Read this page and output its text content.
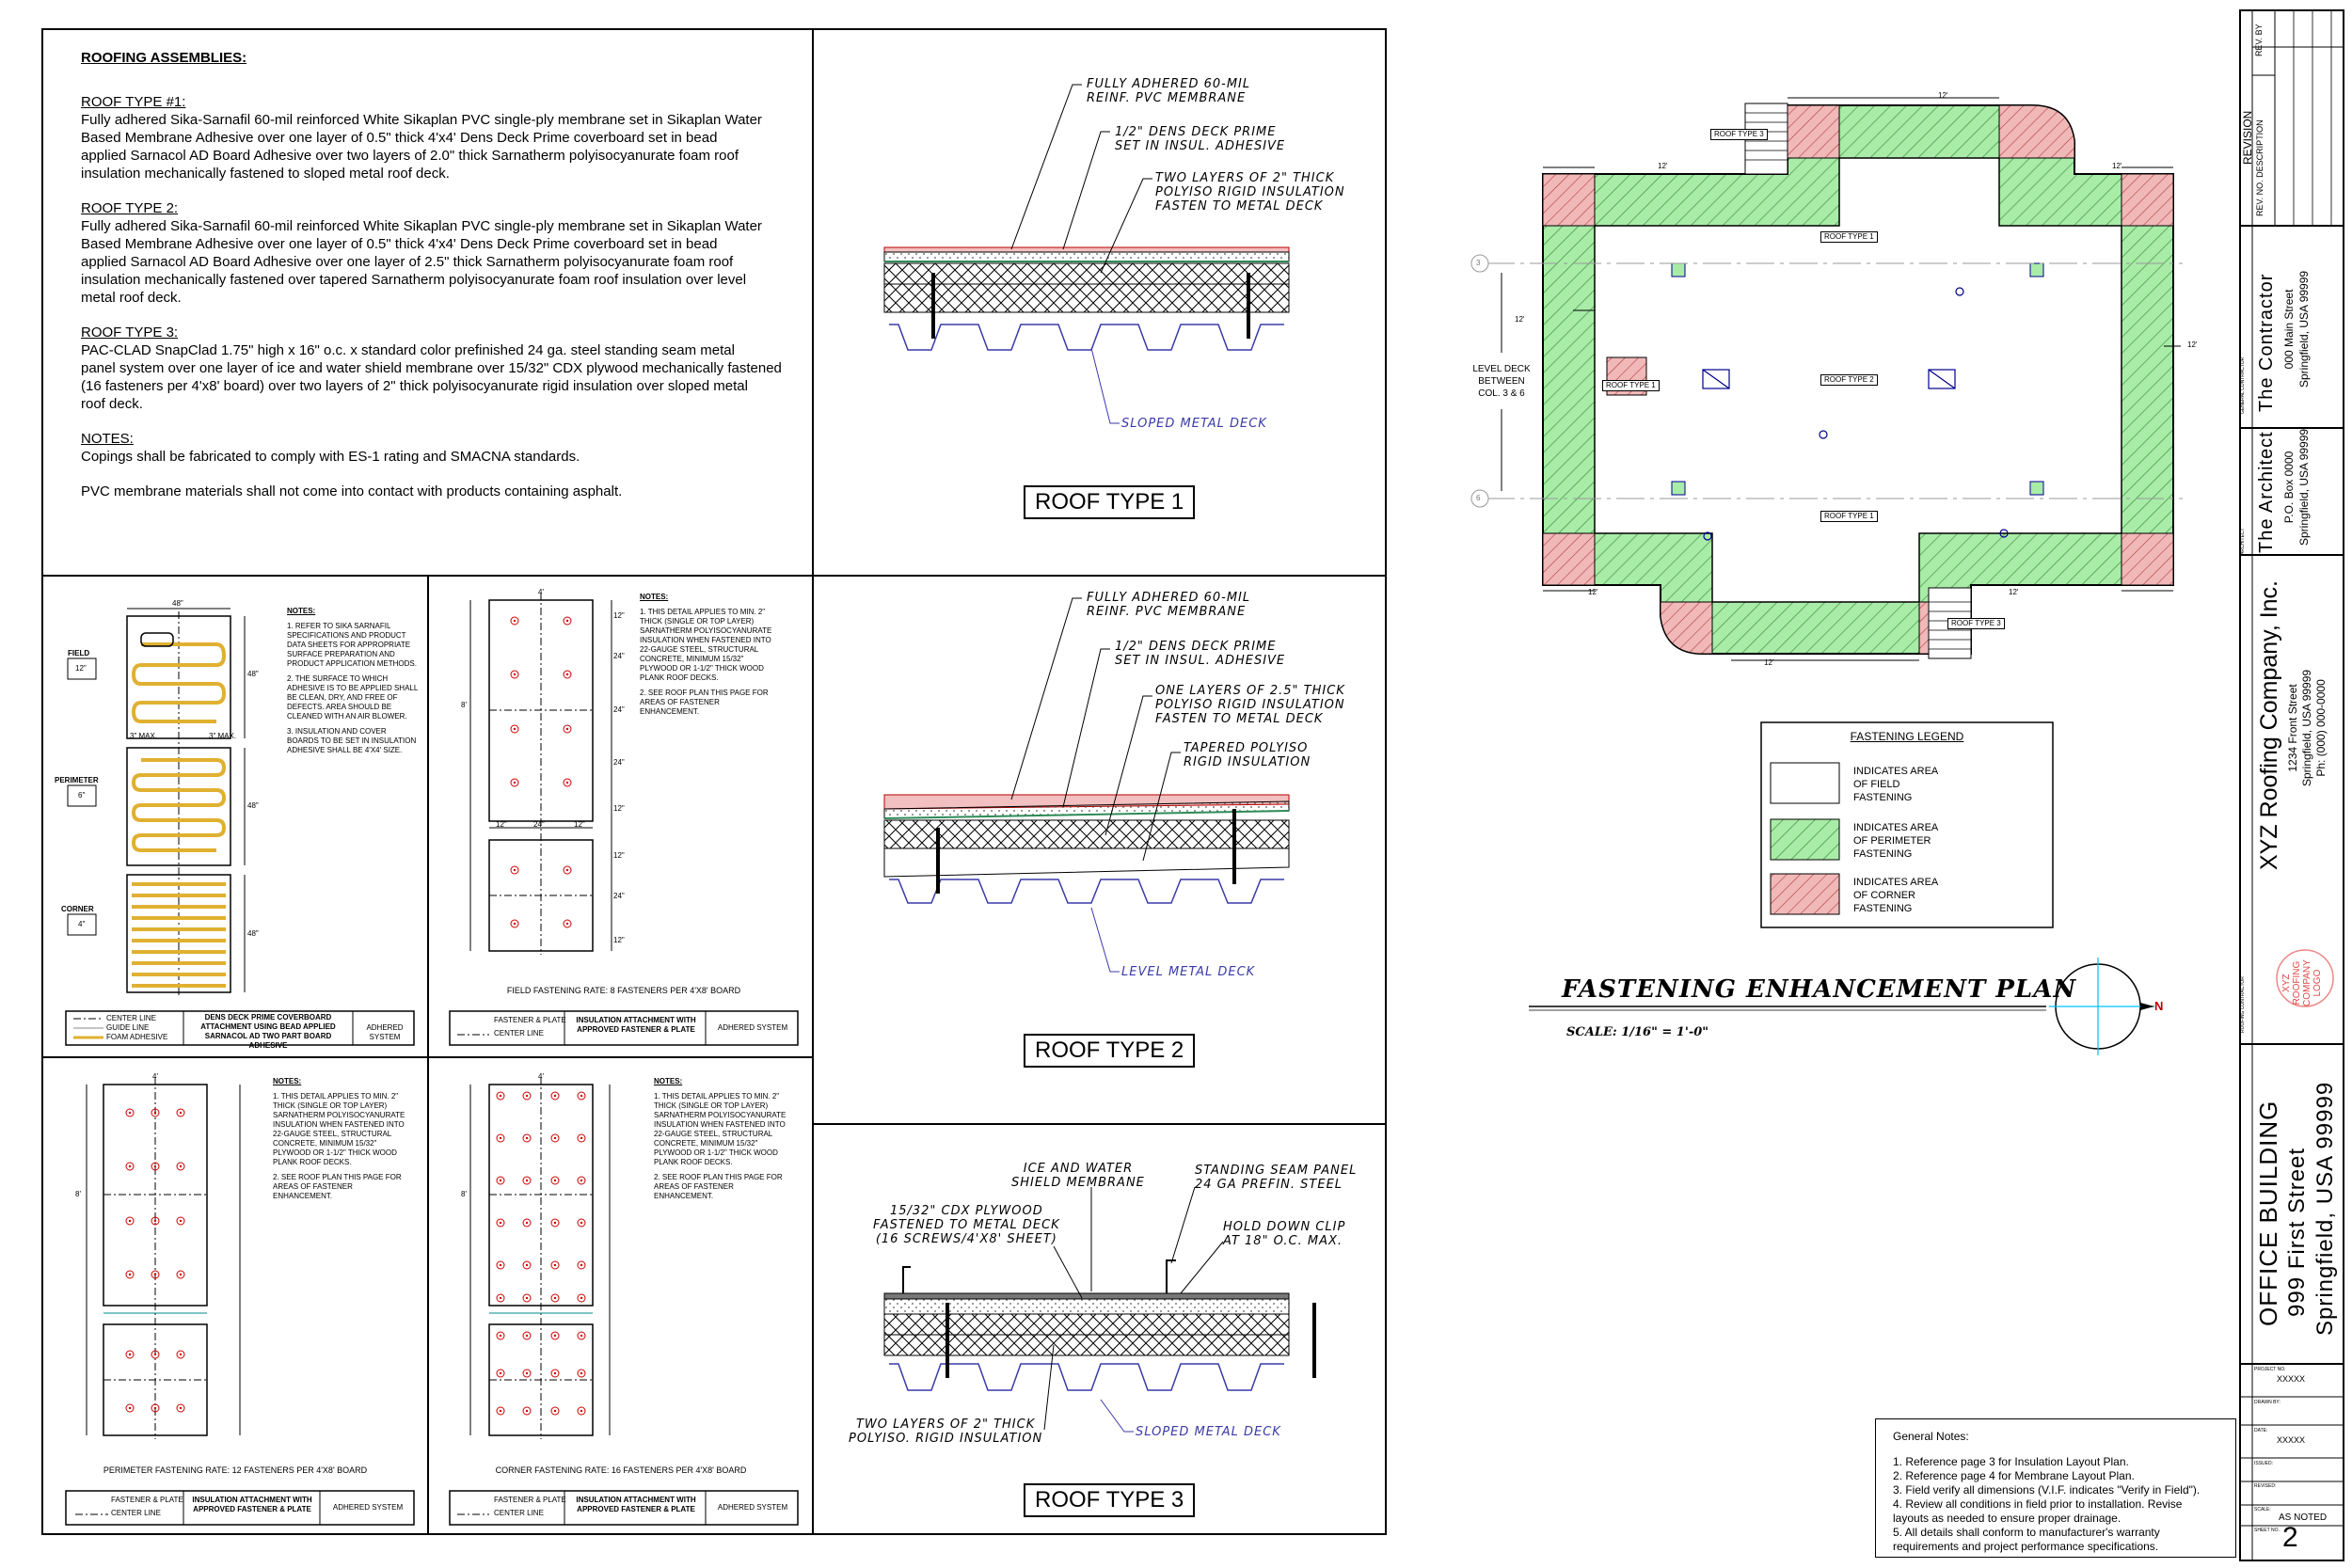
ROOFING ASSEMBLIES:
ROOF TYPE #1:
Fully adhered Sika-Sarnafil 60-mil reinforced White Sikaplan PVC single-ply membrane set in Sikaplan Water
Based Membrane Adhesive over one layer of 0.5" thick 4'x4' Dens Deck Prime coverboard set in bead
applied Sarnacol AD Board Adhesive over two layers of 2.0" thick Sarnatherm polyisocyanurate foam roof
insulation mechanically fastened to sloped metal roof deck.
ROOF TYPE 2:
Fully adhered Sika-Sarnafil 60-mil reinforced White Sikaplan PVC single-ply membrane set in Sikaplan Water
Based Membrane Adhesive over one layer of 0.5" thick 4'x4' Dens Deck Prime coverboard set in bead
applied Sarnacol AD Board Adhesive over one layer of 2.5" thick Sarnatherm polyisocyanurate foam roof
insulation mechanically fastened over tapered Sarnatherm polyisocyanurate foam roof insulation over level
metal roof deck.
ROOF TYPE 3:
PAC-CLAD SnapClad 1.75" high x 16" o.c. x standard color prefinished 24 ga. steel standing seam metal
panel system over one layer of ice and water shield membrane over 15/32" CDX plywood mechanically fastened
(16 fasteners per 4'x8' board) over two layers of 2" thick polyisocyanurate rigid insulation over sloped metal
roof deck.
NOTES:
Copings shall be fabricated to comply with ES-1 rating and SMACNA standards.
PVC membrane materials shall not come into contact with products containing asphalt.
FULLY ADHERED 60-MIL
REINF. PVC MEMBRANE
1/2" DENS DECK PRIME
SET IN INSUL. ADHESIVE
TWO LAYERS OF 2" THICK
POLYISO RIGID INSULATION
FASTEN TO METAL DECK
SLOPED METAL DECK
ROOF TYPE 1
FULLY ADHERED 60-MIL
REINF. PVC MEMBRANE
1/2" DENS DECK PRIME
SET IN INSUL. ADHESIVE
ONE LAYERS OF 2.5" THICK
POLYISO RIGID INSULATION
FASTEN TO METAL DECK
TAPERED POLYISO
RIGID INSULATION
LEVEL METAL DECK
ROOF TYPE 2
ICE AND WATER
SHIELD MEMBRANE
STANDING SEAM PANEL
24 GA PREFIN. STEEL
15/32" CDX PLYWOOD
FASTENED TO METAL DECK
(16 SCREWS/4'X8' SHEET)
HOLD DOWN CLIP
AT 18" O.C. MAX.
TWO LAYERS OF 2" THICK
POLYISO. RIGID INSULATION	SLOPED METAL DECK
ROOF TYPE 3
48"
FIELD
12"
PERIMETER
6"
CORNER
4"
3" MAX.	3" MAX.
48"
48"
48"
NOTES:
1. REFER TO SIKA SARNAFIL SPECIFICATIONS AND PRODUCT DATA SHEETS FOR APPROPRIATE SURFACE PREPARATION AND PRODUCT APPLICATION METHODS.
2. THE SURFACE TO WHICH ADHESIVE IS TO BE APPLIED SHALL BE CLEAN, DRY, AND FREE OF DEFECTS. AREA SHOULD BE CLEANED WITH AN AIR BLOWER.
3. INSULATION AND COVER BOARDS TO BE SET IN INSULATION ADHESIVE SHALL BE 4'X4' SIZE.
CENTER LINE
GUIDE LINE
FOAM ADHESIVE
DENS DECK PRIME COVERBOARD ATTACHMENT USING BEAD APPLIED SARNACOL AD TWO PART BOARD ADHESIVE
ADHERED SYSTEM
NOTES:
1. THIS DETAIL APPLIES TO MIN. 2" THICK (SINGLE OR TOP LAYER) SARNATHERM POLYISOCYANURATE INSULATION WHEN FASTENED INTO 22-GAUGE STEEL, STRUCTURAL CONCRETE, MINIMUM 15/32" PLYWOOD OR 1-1/2" THICK WOOD PLANK ROOF DECKS.
2. SEE ROOF PLAN THIS PAGE FOR AREAS OF FASTENER ENHANCEMENT.
12"
24"
24"
24"
12"
12"
24"
12"
12"	24"	12"
4'
8'
FIELD FASTENING RATE: 8 FASTENERS PER 4'X8' BOARD
FASTENER & PLATE
CENTER LINE
INSULATION ATTACHMENT WITH APPROVED FASTENER & PLATE	ADHERED SYSTEM
NOTES:
1. THIS DETAIL APPLIES TO MIN. 2" THICK (SINGLE OR TOP LAYER) SARNATHERM POLYISOCYANURATE INSULATION WHEN FASTENED INTO 22-GAUGE STEEL, STRUCTURAL CONCRETE, MINIMUM 15/32" PLYWOOD OR 1-1/2" THICK WOOD PLANK ROOF DECKS.
2. SEE ROOF PLAN THIS PAGE FOR AREAS OF FASTENER ENHANCEMENT.
4'
8'
PERIMETER FASTENING RATE: 12 FASTENERS PER 4'X8' BOARD
FASTENER & PLATE
CENTER LINE
INSULATION ATTACHMENT WITH APPROVED FASTENER & PLATE	ADHERED SYSTEM
NOTES:
1. THIS DETAIL APPLIES TO MIN. 2" THICK (SINGLE OR TOP LAYER) SARNATHERM POLYISOCYANURATE INSULATION WHEN FASTENED INTO 22-GAUGE STEEL, STRUCTURAL CONCRETE, MINIMUM 15/32" PLYWOOD OR 1-1/2" THICK WOOD PLANK ROOF DECKS.
2. SEE ROOF PLAN THIS PAGE FOR AREAS OF FASTENER ENHANCEMENT.
4'
8'
CORNER FASTENING RATE: 16 FASTENERS PER 4'X8' BOARD
FASTENER & PLATE
CENTER LINE
INSULATION ATTACHMENT WITH APPROVED FASTENER & PLATE	ADHERED SYSTEM
ROOF TYPE 3
ROOF TYPE 1
ROOF TYPE 2
ROOF TYPE 1
ROOF TYPE 1
ROOF TYPE 3
12'
12'	12'
12'
12'
12'	12'
12'
3
6
LEVEL DECK
BETWEEN
COL. 3 & 6
FASTENING LEGEND
INDICATES AREA
OF FIELD
FASTENING
INDICATES AREA
OF PERIMETER
FASTENING
INDICATES AREA
OF CORNER
FASTENING
FASTENING ENHANCEMENT PLAN
SCALE: 1/16" = 1'-0"
N
General Notes:
1. Reference page 3 for Insulation Layout Plan.
2. Reference page 4 for Membrane Layout Plan.
3. Field verify all dimensions (V.I.F. indicates "Verify in Field").
4. Review all conditions in field prior to installation. Revise
layouts as needed to ensure proper drainage.
5. All details shall conform to manufacturer's warranty
requirements and project performance specifications.
REV. BY
REVISION REV. NO. DESCRIPTION
GENERAL CONTRACTOR The Contractor 000 Main Street Springfield, USA 99999
ARCHITECT The Architect P.O. Box 0000 Springfield, USA 99999
XYZ Roofing Company, Inc. 1234 Front Street Springfield, USA 99999 Ph: (000) 000-0000
XYZ ROOFING COMPANY LOGO
ROOFING CONTRACTOR
OFFICE BUILDING 999 First Street Springfield, USA 99999
PROJECT NO.
XXXXX
DRAWN BY:
DATE:
XXXXX
ISSUED:
REVISED:
SCALE:
AS NOTED
SHEET NO. 2
